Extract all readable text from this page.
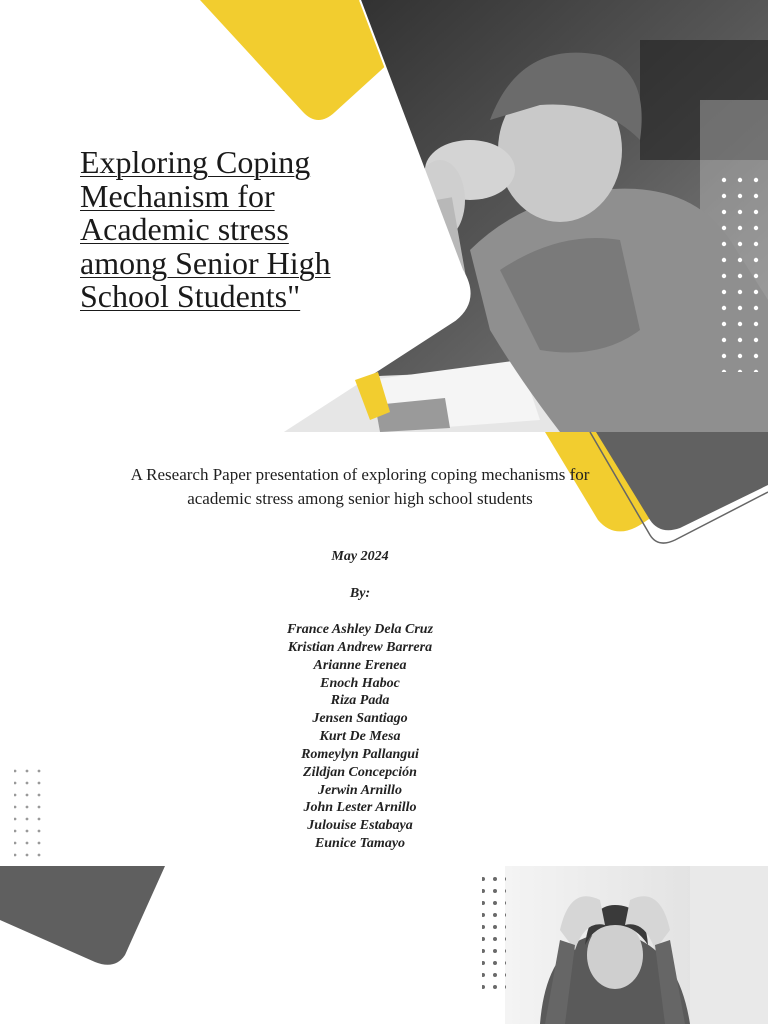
Exploring Coping Mechanism for Academic stress among Senior High School Students"
A Research Paper presentation of exploring coping mechanisms for academic stress among senior high school students
May 2024
By:
France Ashley Dela Cruz
Kristian Andrew Barrera
Arianne Erenea
Enoch Haboc
Riza Pada
Jensen Santiago
Kurt De Mesa
Romeylyn Pallangui
Zildjan Concepción
Jerwin Arnillo
John Lester Arnillo
Julouise Estabaya
Eunice Tamayo
